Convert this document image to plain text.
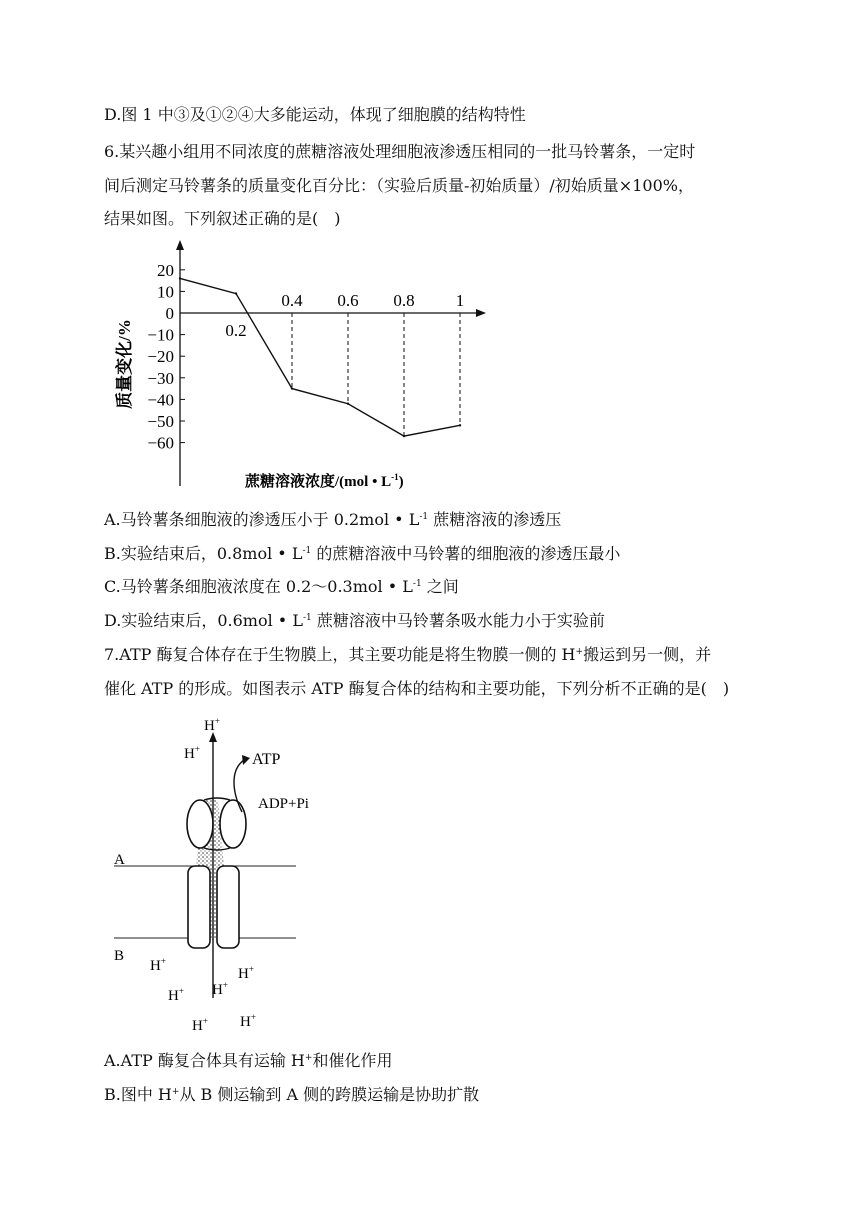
D.图 1 中③及①②④大多能运动，体现了细胞膜的结构特性
6.某兴趣小组用不同浓度的蔗糖溶液处理细胞液渗透压相同的一批马铃薯条，一定时
间后测定马铃薯条的质量变化百分比：（实验后质量-初始质量）/初始质量×100%，
结果如图。下列叙述正确的是( )
质量变化/%
蔗糖溶液浓度/(mol • $L^{-1}$)
20
10
0
−10
−20
−30
−40
−50
−60
0.2
0.4 0.6 0.8 1
A.马铃薯条细胞液的渗透压小于 0.2mol • $L^{-1}$ 蔗糖溶液的渗透压
B.实验结束后，0.8mol • $L^{-1}$ 的蔗糖溶液中马铃薯的细胞液的渗透压最小
C.马铃薯条细胞液浓度在 0.2～0.3mol • $L^{-1}$ 之间
D.实验结束后，0.6mol • $L^{-1}$ 蔗糖溶液中马铃薯条吸水能力小于实验前
7.ATP 酶复合体存在于生物膜上，其主要功能是将生物膜一侧的 H+搬运到另一侧，并
催化 ATP 的形成。如图表示 ATP 酶复合体的结构和主要功能，下列分析不正确的是( )
H+
H+
ATP
ADP+Pi
A
B
H+
H+
H+ H+
H+ H+
A.ATP 酶复合体具有运输 H+和催化作用
B.图中 H+从 B 侧运输到 A 侧的跨膜运输是协助扩散
